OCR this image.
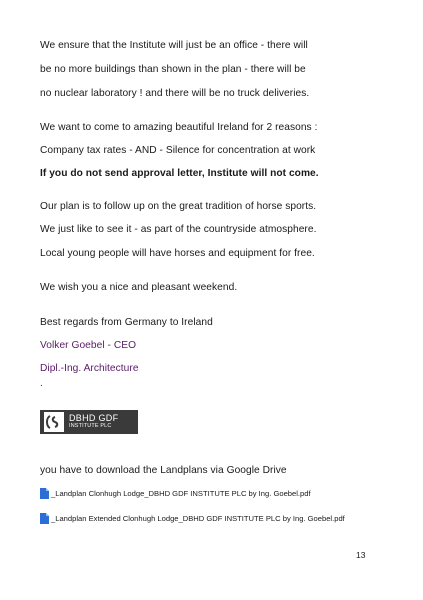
We ensure that the Institute will just be an office - there will
be no more buildings than shown in the plan - there will be
no nuclear laboratory ! and there will be no truck deliveries.
We want to come to amazing beautiful Ireland for 2 reasons :
Company tax rates - AND - Silence for concentration at work
If you do not send approval letter, Institute will not come.
Our plan is to follow up on the great tradition of horse sports.
We just like to see it - as part of the countryside atmosphere.
Local young people will have horses and equipment for free.
We wish you a nice and pleasant weekend.
Best regards from Germany to Ireland
Volker Goebel - CEO
Dipl.-Ing. Architecture
.
DBHD GDF
INSTITUTE PLC
you have to download the Landplans via Google Drive
_Landplan Clonhugh Lodge_DBHD GDF INSTITUTE PLC by Ing. Goebel.pdf
_Landplan Extended Clonhugh Lodge_DBHD GDF INSTITUTE PLC by Ing. Goebel.pdf
13
